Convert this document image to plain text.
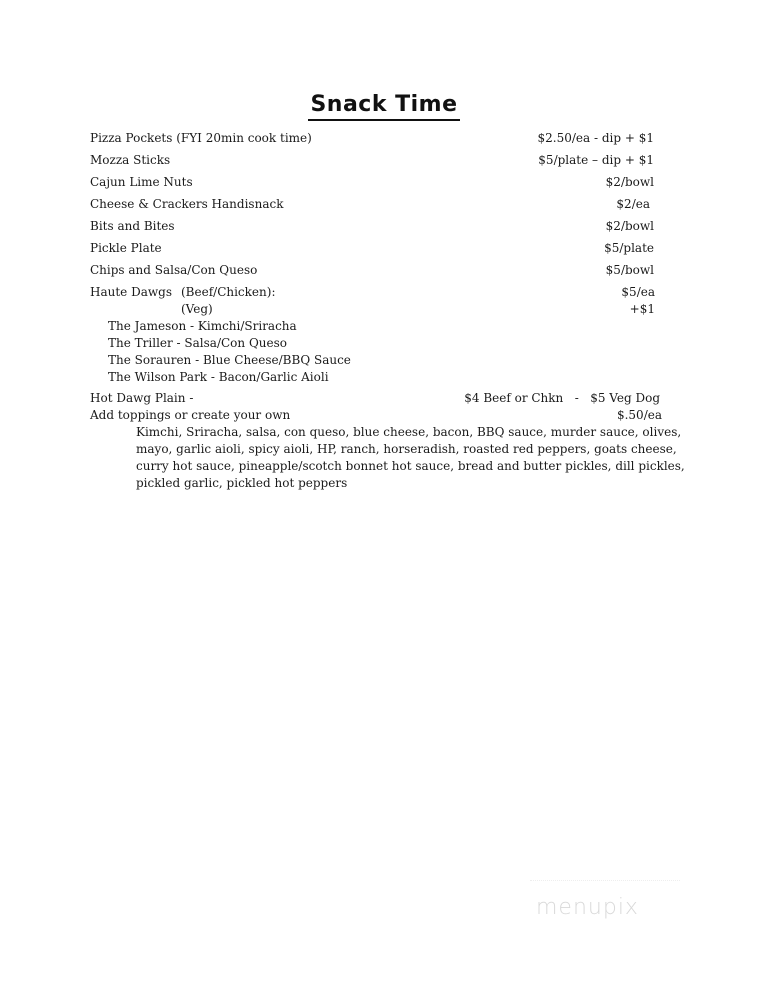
Snack Time
Pizza Pockets (FYI 20min cook time)	$2.50/ea - dip + $1
Mozza Sticks	$5/plate – dip + $1
Cajun Lime Nuts	$2/bowl
Cheese & Crackers Handisnack	$2/ea
Bits and Bites	$2/bowl
Pickle Plate	$5/plate
Chips and Salsa/Con Queso	$5/bowl
Haute Dawgs (Beef/Chicken):	$5/ea
(Veg)	+$1
The Jameson - Kimchi/Sriracha
The Triller - Salsa/Con Queso
The Sorauren - Blue Cheese/BBQ Sauce
The Wilson Park - Bacon/Garlic Aioli
Hot Dawg Plain -	$4 Beef or Chkn   -   $5 Veg Dog
Add toppings or create your own	$.50/ea
Kimchi, Sriracha, salsa, con queso, blue cheese, bacon, BBQ sauce, murder sauce, olives,
mayo, garlic aioli, spicy aioli, HP, ranch, horseradish, roasted red peppers, goats cheese,
curry hot sauce, pineapple/scotch bonnet hot sauce, bread and butter pickles, dill pickles,
pickled garlic, pickled hot peppers
menupix
